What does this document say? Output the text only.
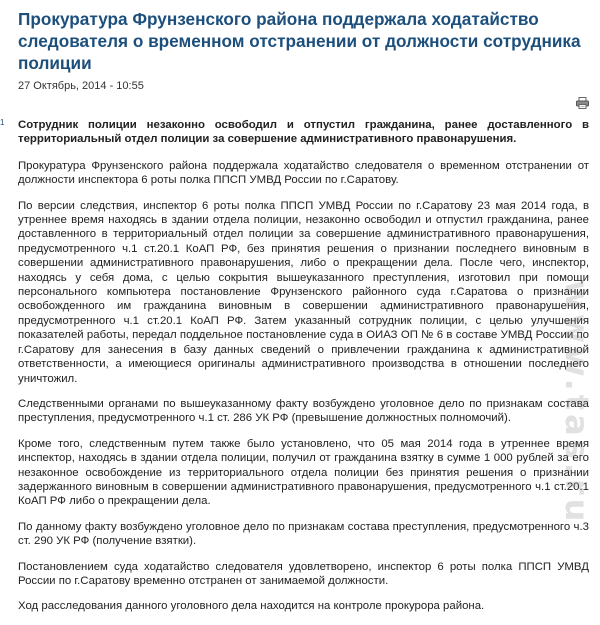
Прокуратура Фрунзенского района поддержала ходатайство следователя о временном отстранении от должности сотрудника полиции
27 Октябрь, 2014 - 10:55
1 Сотрудник полиции незаконно освободил и отпустил гражданина, ранее доставленного в территориальный отдел полиции за совершение административного правонарушения.

Прокуратура Фрунзенского района поддержала ходатайство следователя о временном отстранении от должности инспектора 6 роты полка ППСП УМВД России по г.Саратову.

По версии следствия, инспектор 6 роты полка ППСП УМВД России по г.Саратову 23 мая 2014 года, в утреннее время находясь в здании отдела полиции, незаконно освободил и отпустил гражданина, ранее доставленного в территориальный отдел полиции за совершение административного правонарушения, предусмотренного ч.1 ст.20.1 КоАП РФ, без принятия решения о признании последнего виновным в совершении административного правонарушения, либо о прекращении дела. После чего, инспектор, находясь у себя дома, с целью сокрытия вышеуказанного преступления, изготовил при помощи персонального компьютера постановление Фрунзенского районного суда г.Саратова о признании освобожденного им гражданина виновным в совершении административного правонарушения, предусмотренного ч.1 ст.20.1 КоАП РФ. Затем указанный сотрудник полиции, с целью улучшения показателей работы, передал поддельное постановление суда в ОИАЗ ОП № 6 в составе УМВД России по г.Саратову для занесения в базу данных сведений о привлечении гражданина к административной ответственности, а имеющиеся оригиналы административного производства в отношении последнего уничтожил.

Следственными органами по вышеуказанному факту возбуждено уголовное дело по признакам состава преступления, предусмотренного ч.1 ст. 286 УК РФ (превышение должностных полномочий).

Кроме того, следственным путем также было установлено, что 05 мая 2014 года в утреннее время инспектор, находясь в здании отдела полиции, получил от гражданина взятку в сумме 1 000 рублей за его незаконное освобождение из территориального отдела полиции без принятия решения о признании задержанного виновным в совершении административного правонарушения, предусмотренного ч.1 ст.20.1 КоАП РФ либо о прекращении дела.

По данному факту возбуждено уголовное дело по признакам состава преступления, предусмотренного ч.3 ст. 290 УК РФ (получение взятки).

Постановлением суда ходатайство следователя удовлетворено, инспектор 6 роты полка ППСП УМВД России по г.Саратову временно отстранен от занимаемой должности.

Ход расследования данного уголовного дела находится на контроле прокурора района.

www.tas.ru
